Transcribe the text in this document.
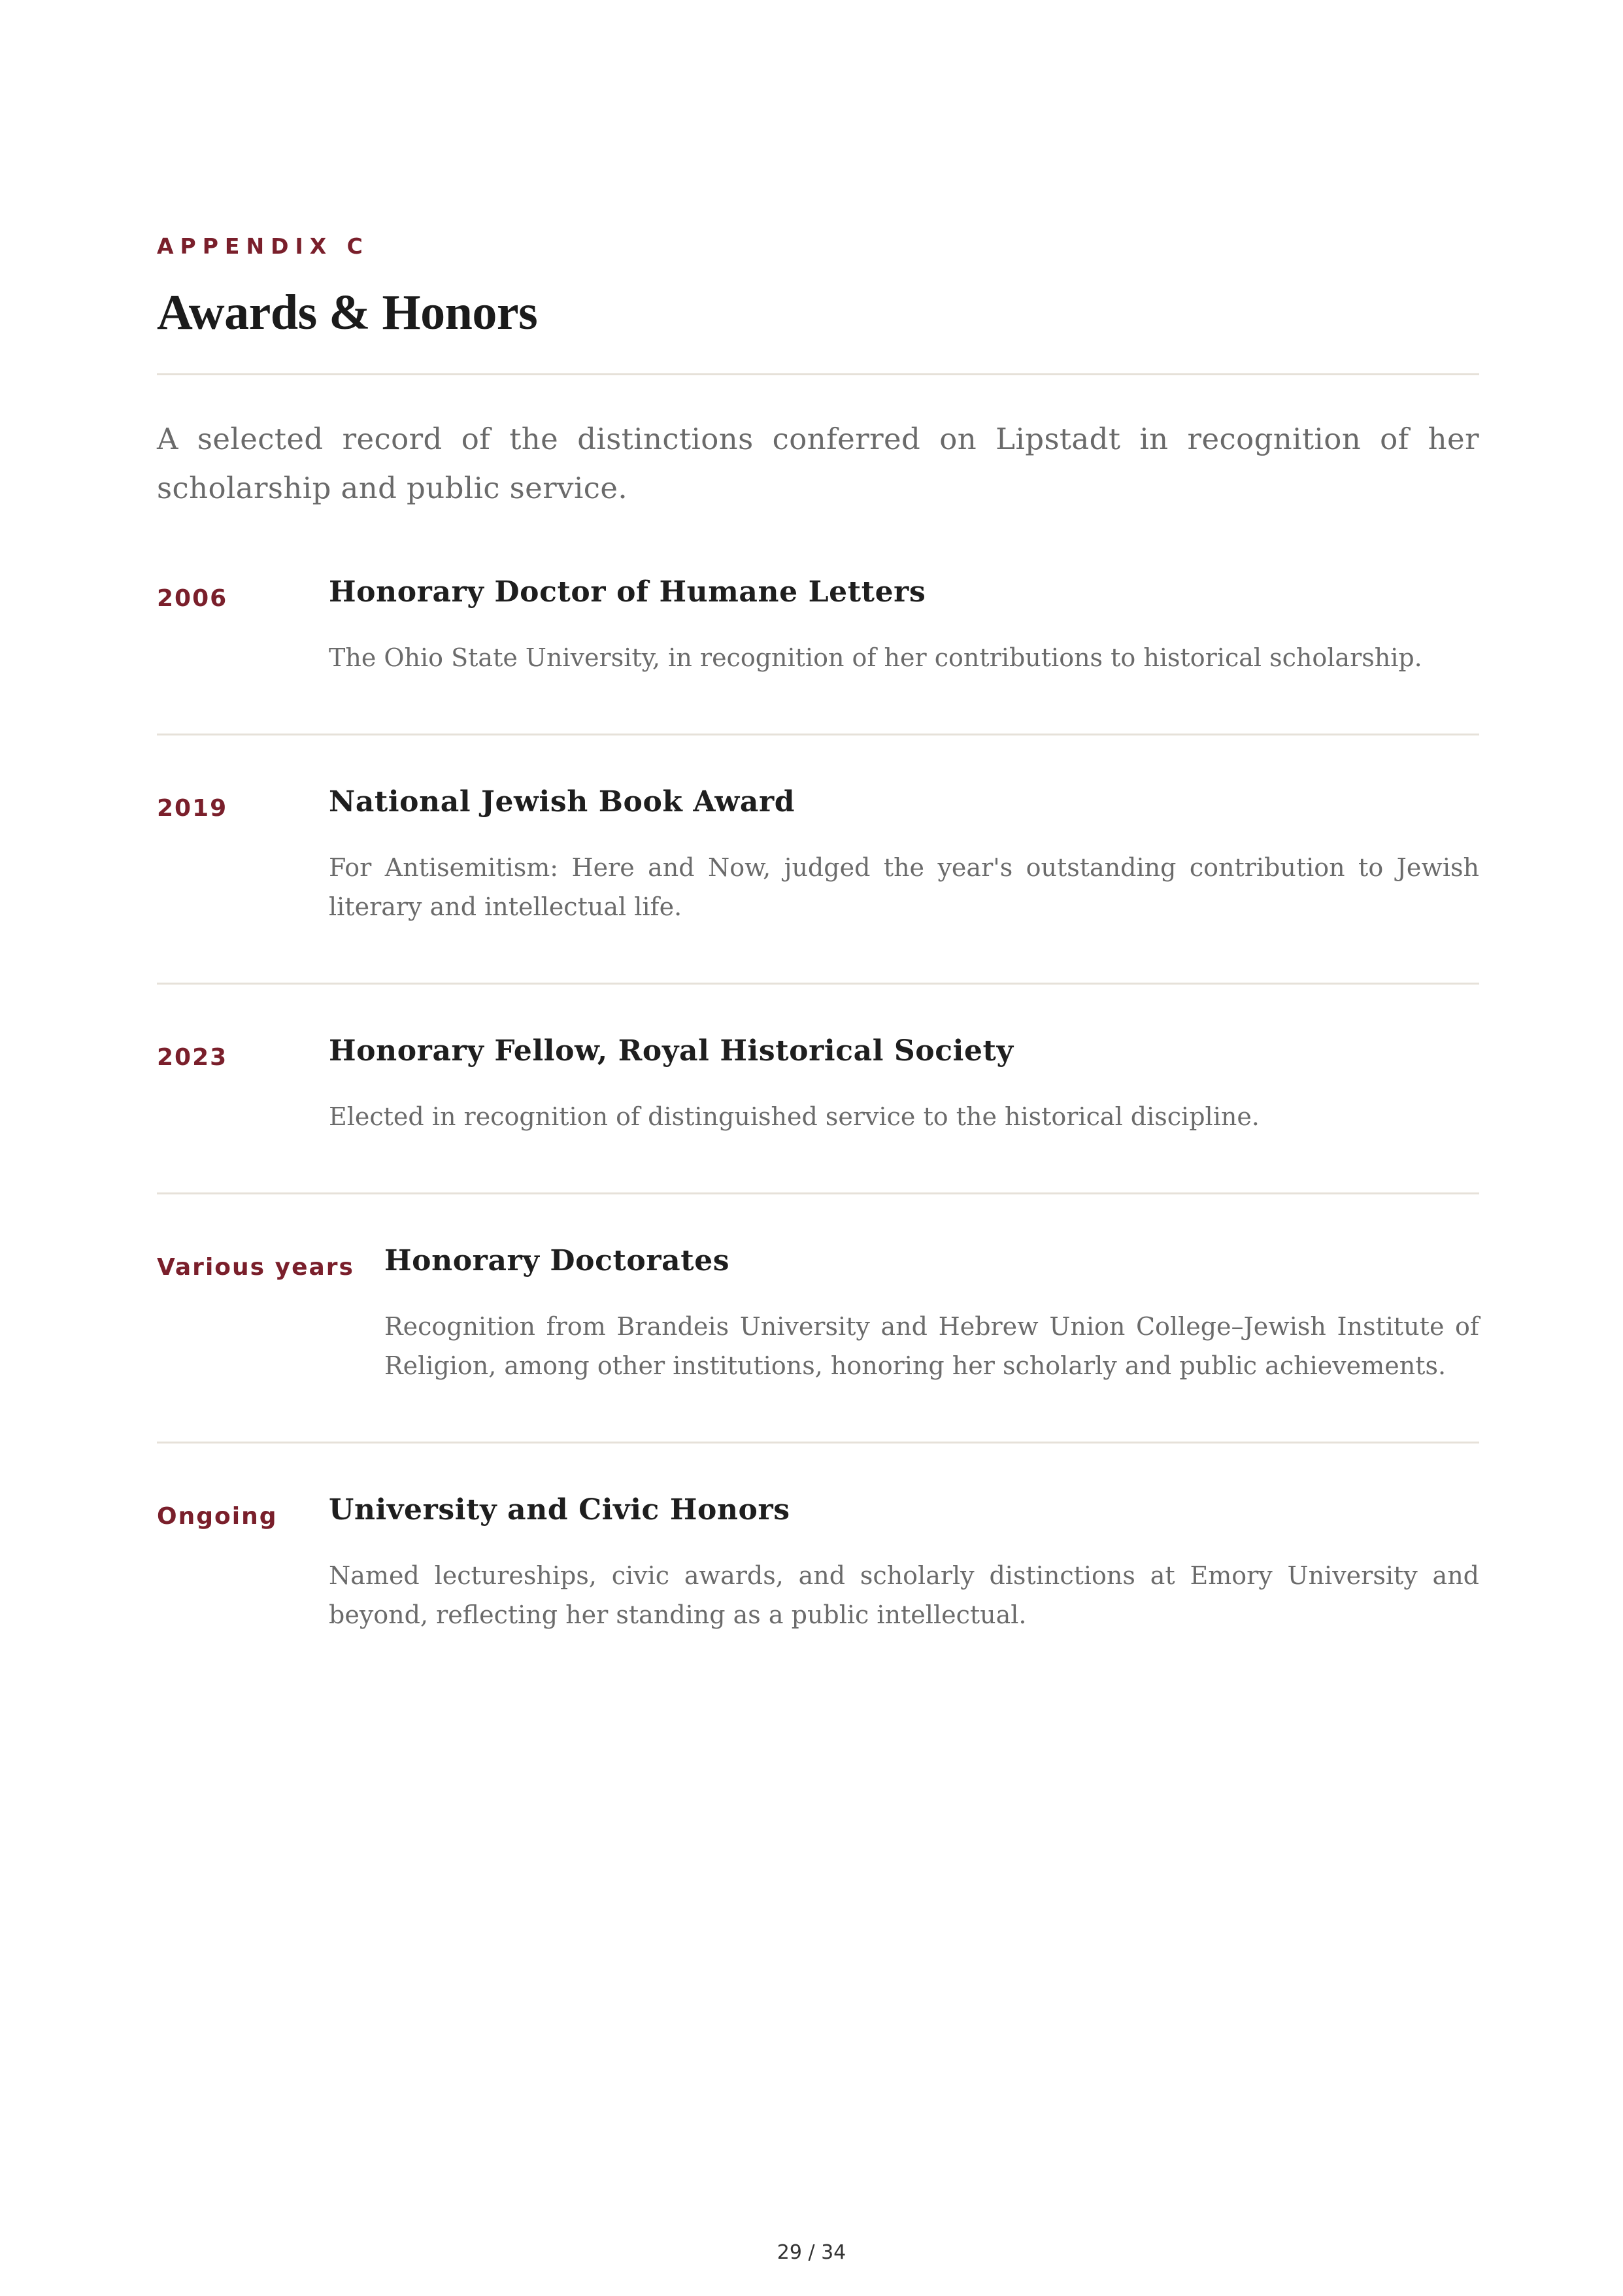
APPENDIX C
Awards & Honors

A selected record of the distinctions conferred on Lipstadt in recognition of her scholarship and public service.

2006	Honorary Doctor of Humane Letters

The Ohio State University, in recognition of her contributions to historical scholarship.

2019	National Jewish Book Award

For Antisemitism: Here and Now, judged the year's outstanding contribution to Jewish literary and intellectual life.

2023	Honorary Fellow, Royal Historical Society

Elected in recognition of distinguished service to the historical discipline.

Various years	Honorary Doctorates

Recognition from Brandeis University and Hebrew Union College–Jewish Institute of Religion, among other institutions, honoring her scholarly and public achievements.

Ongoing	University and Civic Honors

Named lectureships, civic awards, and scholarly distinctions at Emory University and beyond, reflecting her standing as a public intellectual.

29 / 34
